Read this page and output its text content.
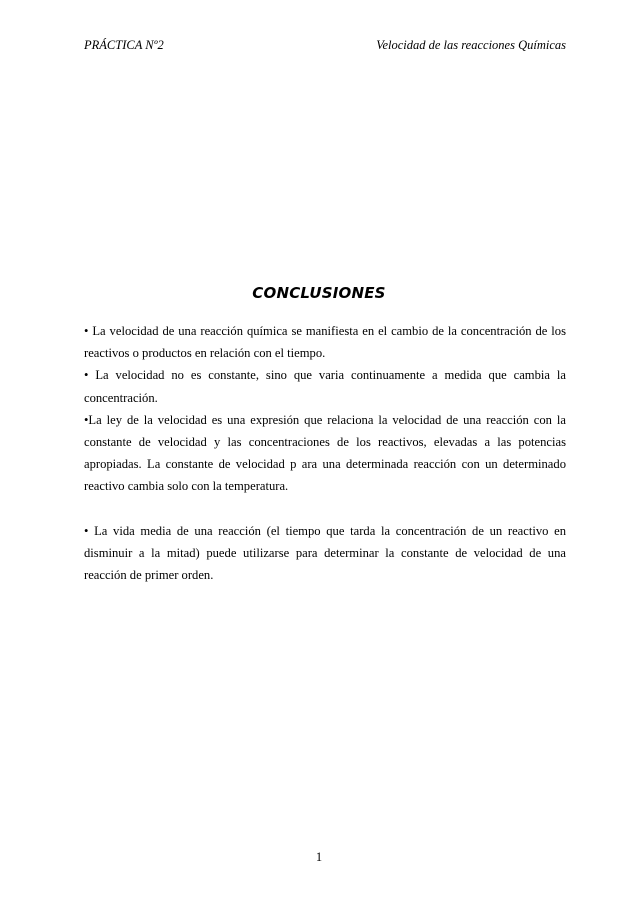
PRÁCTICA Nº2	Velocidad de las reacciones Químicas
CONCLUSIONES

• La velocidad de una reacción química se manifiesta en el cambio de la concentración de los reactivos o productos en relación con el tiempo.

• La velocidad no es constante, sino que varia continuamente a medida que cambia la concentración.

•La ley de la velocidad es una expresión que relaciona la velocidad de una reacción con la constante de velocidad y las concentraciones de los reactivos, elevadas a las potencias apropiadas. La constante de velocidad p ara una determinada reacción con un determinado reactivo cambia solo con la temperatura.

• La vida media de una reacción (el tiempo que tarda la concentración de un reactivo en disminuir a la mitad) puede utilizarse para determinar la constante de velocidad de una reacción de primer orden.

1
